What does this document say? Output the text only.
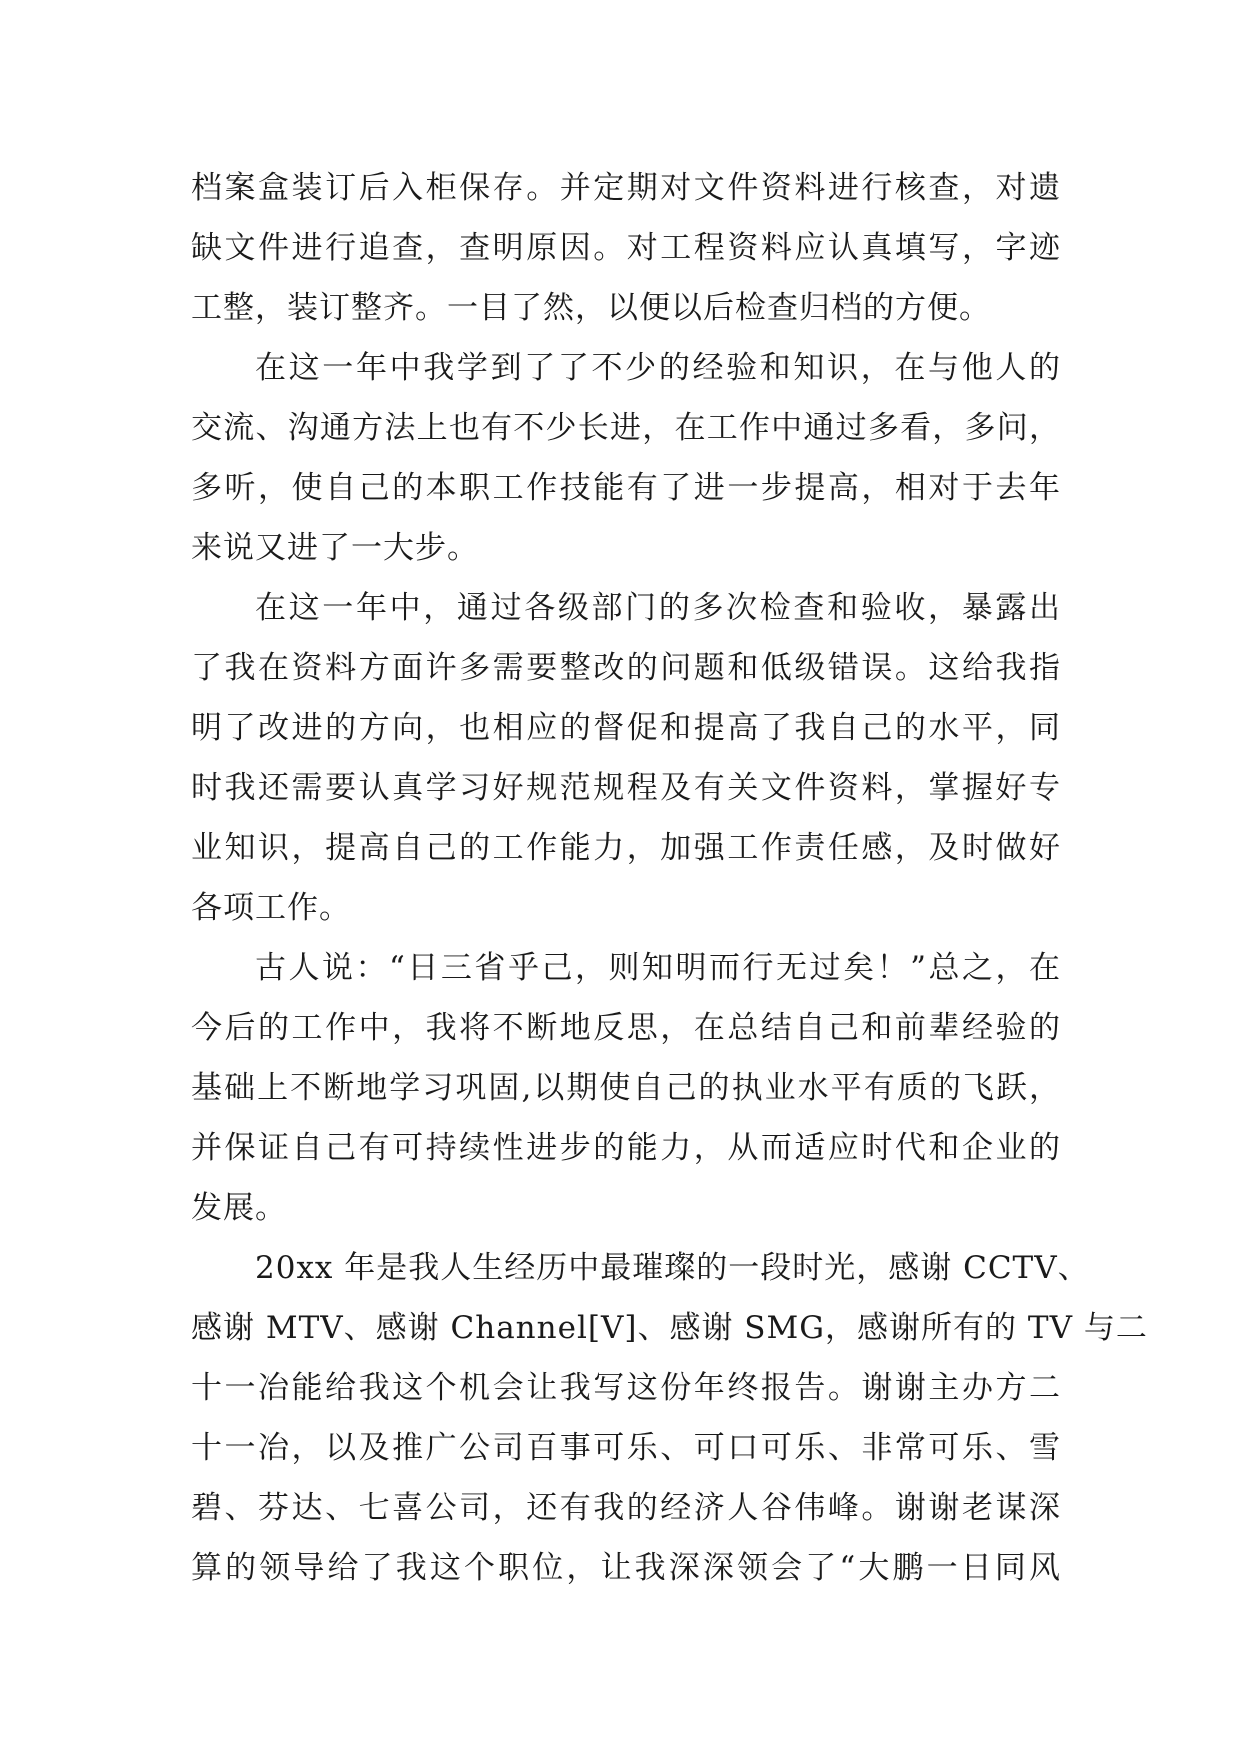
档案盒装订后入柜保存。并定期对文件资料进行核查，对遗
缺文件进行追查，查明原因。对工程资料应认真填写，字迹
工整，装订整齐。一目了然，以便以后检查归档的方便。
在这一年中我学到了了不少的经验和知识，在与他人的
交流、沟通方法上也有不少长进，在工作中通过多看，多问，
多听，使自己的本职工作技能有了进一步提高，相对于去年
来说又进了一大步。
在这一年中，通过各级部门的多次检查和验收，暴露出
了我在资料方面许多需要整改的问题和低级错误。这给我指
明了改进的方向，也相应的督促和提高了我自己的水平，同
时我还需要认真学习好规范规程及有关文件资料，掌握好专
业知识，提高自己的工作能力，加强工作责任感，及时做好
各项工作。
古人说：“日三省乎己，则知明而行无过矣！”总之，在
今后的工作中，我将不断地反思，在总结自己和前辈经验的
基础上不断地学习巩固,以期使自己的执业水平有质的飞跃，
并保证自己有可持续性进步的能力，从而适应时代和企业的
发展。
20xx 年是我人生经历中最璀璨的一段时光，感谢 CCTV、
感谢 MTV、感谢 Channel[V]、感谢 SMG，感谢所有的 TV 与二
十一冶能给我这个机会让我写这份年终报告。谢谢主办方二
十一冶，以及推广公司百事可乐、可口可乐、非常可乐、雪
碧、芬达、七喜公司，还有我的经济人谷伟峰。谢谢老谋深
算的领导给了我这个职位，让我深深领会了“大鹏一日同风
